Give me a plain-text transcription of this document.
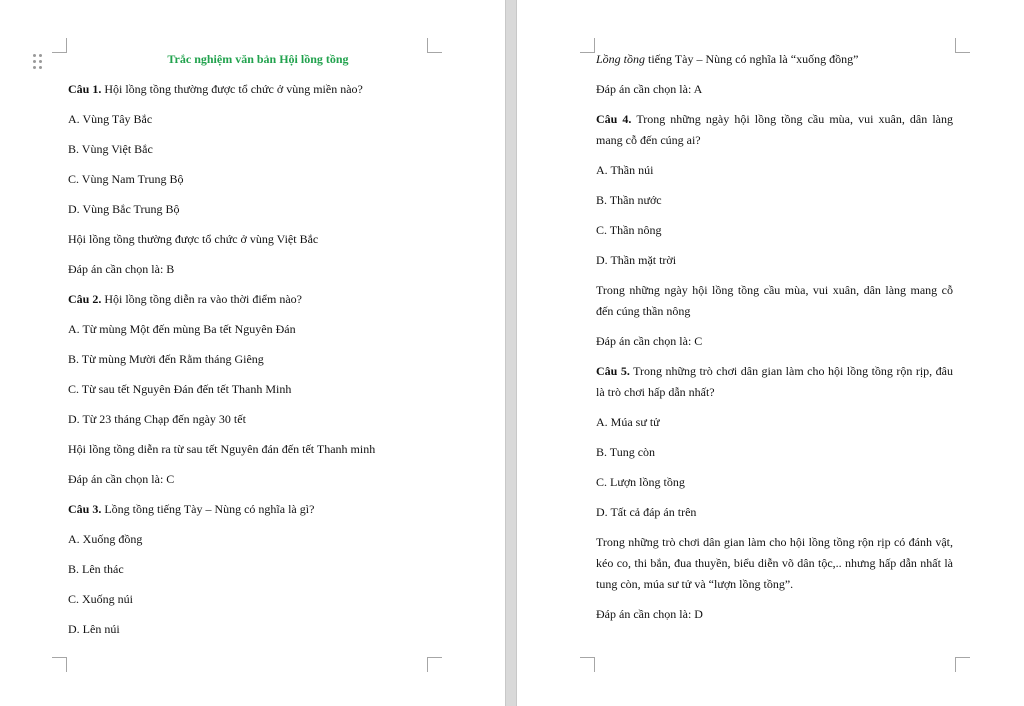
Trắc nghiệm văn bản Hội lồng tồng

Câu 1. Hội lồng tồng thường được tổ chức ở vùng miền nào?

A. Vùng Tây Bắc

B. Vùng Việt Bắc

C. Vùng Nam Trung Bộ

D. Vùng Bắc Trung Bộ

Hội lồng tồng thường được tổ chức ở vùng Việt Bắc

Đáp án cần chọn là: B

Câu 2. Hội lồng tồng diễn ra vào thời điểm nào?

A. Từ mùng Một đến mùng Ba tết Nguyên Đán

B. Từ mùng Mười đến Rằm tháng Giêng

C. Từ sau tết Nguyên Đán đến tết Thanh Minh

D. Từ 23 tháng Chạp đến ngày 30 tết

Hội lồng tồng diễn ra từ sau tết Nguyên đán đến tết Thanh minh

Đáp án cần chọn là: C

Câu 3. Lồng tồng tiếng Tày – Nùng có nghĩa là gì?

A. Xuống đồng

B. Lên thác

C. Xuống núi

D. Lên núi

Lồng tồng tiếng Tày – Nùng có nghĩa là “xuống đồng”

Đáp án cần chọn là: A

Câu 4. Trong những ngày hội lồng tồng cầu mùa, vui xuân, dân làng mang cỗ đến cúng ai?

A. Thần núi

B. Thần nước

C. Thần nông

D. Thần mặt trời

Trong những ngày hội lồng tồng cầu mùa, vui xuân, dân làng mang cỗ đến cúng thần nông

Đáp án cần chọn là: C

Câu 5. Trong những trò chơi dân gian làm cho hội lồng tồng rộn rịp, đâu là trò chơi hấp dẫn nhất?

A. Múa sư tử

B. Tung còn

C. Lượn lồng tồng

D. Tất cả đáp án trên

Trong những trò chơi dân gian làm cho hội lồng tồng rộn rịp có đánh vật, kéo co, thi bắn, đua thuyền, biểu diễn võ dân tộc,.. nhưng hấp dẫn nhất là tung còn, múa sư tử và “lượn lồng tồng”.

Đáp án cần chọn là: D
